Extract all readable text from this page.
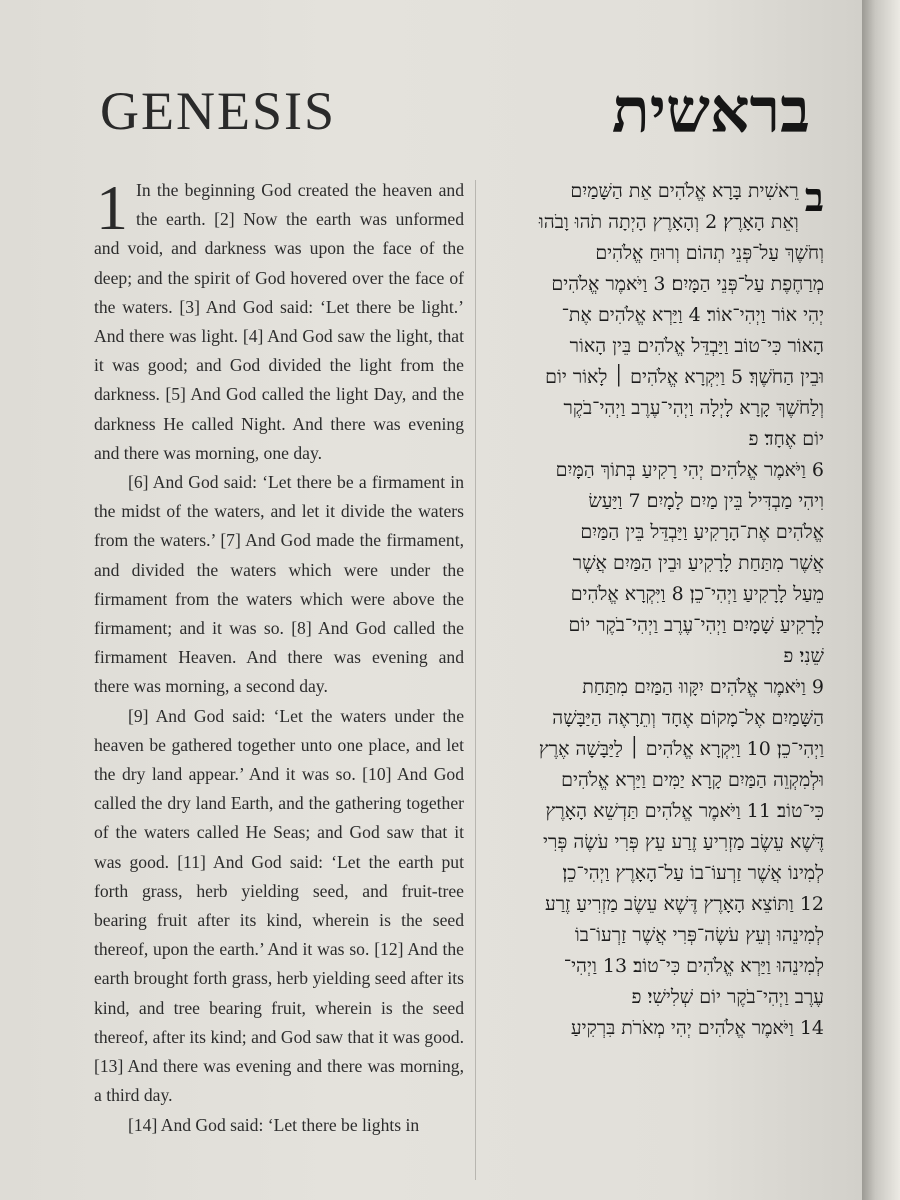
GENESIS	בראשית

1 In the beginning God created the heaven and the earth. [2] Now the earth was unformed and void, and darkness was upon the face of the deep; and the spirit of God hovered over the face of the waters. [3] And God said: ‘Let there be light.’ And there was light. [4] And God saw the light, that it was good; and God divided the light from the darkness. [5] And God called the light Day, and the darkness He called Night. And there was evening and there was morning, one day.

[6] And God said: ‘Let there be a firmament in the midst of the waters, and let it divide the waters from the waters.’ [7] And God made the firmament, and divided the waters which were under the firmament from the waters which were above the firmament; and it was so. [8] And God called the firmament Heaven. And there was evening and there was morning, a second day.

[9] And God said: ‘Let the waters under the heaven be gathered together unto one place, and let the dry land appear.’ And it was so. [10] And God called the dry land Earth, and the gathering together of the waters called He Seas; and God saw that it was good. [11] And God said: ‘Let the earth put forth grass, herb yielding seed, and fruit-tree bearing fruit after its kind, wherein is the seed thereof, upon the earth.’ And it was so. [12] And the earth brought forth grass, herb yielding seed after its kind, and tree bearing fruit, wherein is the seed thereof, after its kind; and God saw that it was good. [13] And there was evening and there was morning, a third day.

[14] And God said: ‘Let there be lights in

ב
רֵאשִׁית בָּרָא אֱלֹהִים אֵת הַשָּׁמַיִם
וְאֵת הָאָרֶץ׃ 2 וְהָאָרֶץ הָיְתָה תֹהוּ וָבֹהוּ
וְחֹשֶׁךְ עַל־פְּנֵי תְהוֹם וְרוּחַ אֱלֹהִים
מְרַחֶפֶת עַל־פְּנֵי הַמָּיִם׃ 3 וַיֹּאמֶר אֱלֹהִים
יְהִי אוֹר וַיְהִי־אוֹר׃ 4 וַיַּרְא אֱלֹהִים אֶת־
הָאוֹר כִּי־טוֹב וַיַּבְדֵּל אֱלֹהִים בֵּין הָאוֹר
וּבֵין הַחֹשֶׁךְ׃ 5 וַיִּקְרָא אֱלֹהִים ׀ לָאוֹר יוֹם
וְלַחֹשֶׁךְ קָרָא לָיְלָה וַיְהִי־עֶרֶב וַיְהִי־בֹקֶר
יוֹם אֶחָד׃ פ
6 וַיֹּאמֶר אֱלֹהִים יְהִי רָקִיעַ בְּתוֹךְ הַמָּיִם
וִיהִי מַבְדִּיל בֵּין מַיִם לָמָיִם׃ 7 וַיַּעַשׂ
אֱלֹהִים אֶת־הָרָקִיעַ וַיַּבְדֵּל בֵּין הַמַּיִם
אֲשֶׁר מִתַּחַת לָרָקִיעַ וּבֵין הַמַּיִם אֲשֶׁר
מֵעַל לָרָקִיעַ וַיְהִי־כֵן׃ 8 וַיִּקְרָא אֱלֹהִים
לָרָקִיעַ שָׁמָיִם וַיְהִי־עֶרֶב וַיְהִי־בֹקֶר יוֹם
שֵׁנִי׃ פ
9 וַיֹּאמֶר אֱלֹהִים יִקָּווּ הַמַּיִם מִתַּחַת
הַשָּׁמַיִם אֶל־מָקוֹם אֶחָד וְתֵרָאֶה הַיַּבָּשָׁה
וַיְהִי־כֵן׃ 10 וַיִּקְרָא אֱלֹהִים ׀ לַיַּבָּשָׁה אֶרֶץ
וּלְמִקְוֵה הַמַּיִם קָרָא יַמִּים וַיַּרְא אֱלֹהִים
כִּי־טוֹב׃ 11 וַיֹּאמֶר אֱלֹהִים תַּדְשֵׁא הָאָרֶץ
דֶּשֶׁא עֵשֶׂב מַזְרִיעַ זֶרַע עֵץ פְּרִי עֹשֶׂה פְּרִי
לְמִינוֹ אֲשֶׁר זַרְעוֹ־בוֹ עַל־הָאָרֶץ וַיְהִי־כֵן׃
12 וַתּוֹצֵא הָאָרֶץ דֶּשֶׁא עֵשֶׂב מַזְרִיעַ זֶרַע
לְמִינֵהוּ וְעֵץ עֹשֶׂה־פְּרִי אֲשֶׁר זַרְעוֹ־בוֹ
לְמִינֵהוּ וַיַּרְא אֱלֹהִים כִּי־טוֹב׃ 13 וַיְהִי־
עֶרֶב וַיְהִי־בֹקֶר יוֹם שְׁלִישִׁי׃ פ
14 וַיֹּאמֶר אֱלֹהִים יְהִי מְאֹרֹת בִּרְקִיעַ
